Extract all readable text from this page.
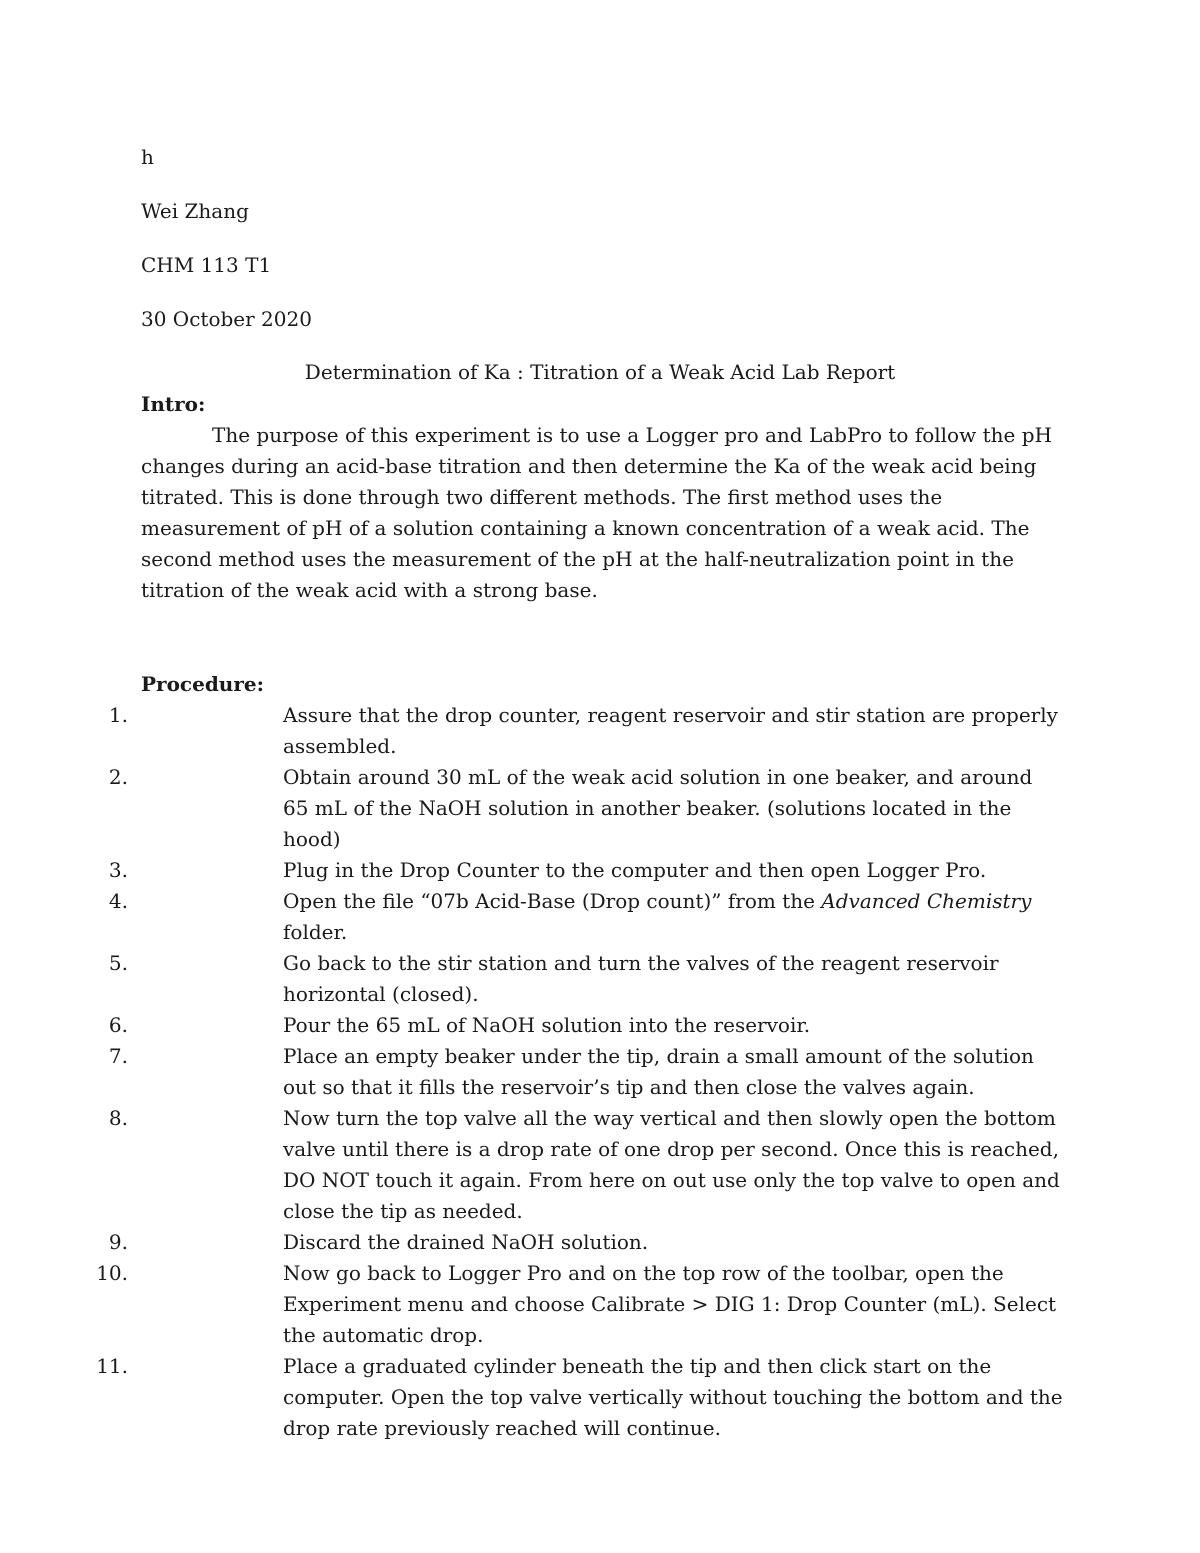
h
Wei Zhang
CHM 113 T1
30 October 2020
Determination of Ka : Titration of a Weak Acid Lab Report
Intro:

The purpose of this experiment is to use a Logger pro and LabPro to follow the pH changes during an acid-base titration and then determine the Ka of the weak acid being titrated. This is done through two different methods. The first method uses the measurement of pH of a solution containing a known concentration of a weak acid. The second method uses the measurement of the pH at the half-neutralization point in the titration of the weak acid with a strong base.

Procedure:
1.	Assure that the drop counter, reagent reservoir and stir station are properly assembled.
2.	Obtain around 30 mL of the weak acid solution in one beaker, and around 65 mL of the NaOH solution in another beaker. (solutions located in the hood)
3.	Plug in the Drop Counter to the computer and then open Logger Pro.
4.	Open the file “07b Acid-Base (Drop count)” from the Advanced Chemistry folder.
5.	Go back to the stir station and turn the valves of the reagent reservoir horizontal (closed).
6.	Pour the 65 mL of NaOH solution into the reservoir.
7.	Place an empty beaker under the tip, drain a small amount of the solution out so that it fills the reservoir’s tip and then close the valves again.
8.	Now turn the top valve all the way vertical and then slowly open the bottom valve until there is a drop rate of one drop per second. Once this is reached, DO NOT touch it again. From here on out use only the top valve to open and close the tip as needed.
9.	Discard the drained NaOH solution.
10.	Now go back to Logger Pro and on the top row of the toolbar, open the Experiment menu and choose Calibrate > DIG 1: Drop Counter (mL). Select the automatic drop.
11.	Place a graduated cylinder beneath the tip and then click start on the computer. Open the top valve vertically without touching the bottom and the drop rate previously reached will continue.
